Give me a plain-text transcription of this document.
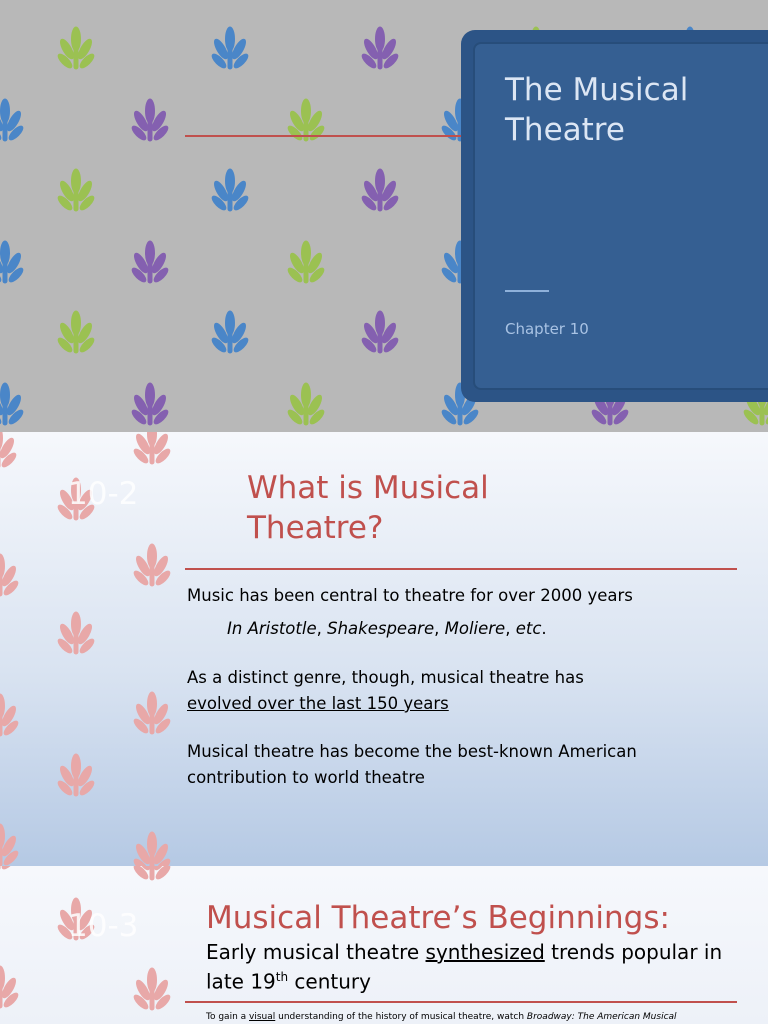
The Musical Theatre
Chapter 10
10-2	What is Musical Theatre?

Music has been central to theatre for over 2000 years

In Aristotle, Shakespeare, Moliere, etc.

As a distinct genre, though, musical theatre has
evolved over the last 150 years

Musical theatre has become the best-known American contribution to world theatre

10-3 Musical Theatre’s Beginnings:

Early musical theatre synthesized trends popular in late 19th century

To gain a visual understanding of the history of musical theatre, watch Broadway: The American Musical
